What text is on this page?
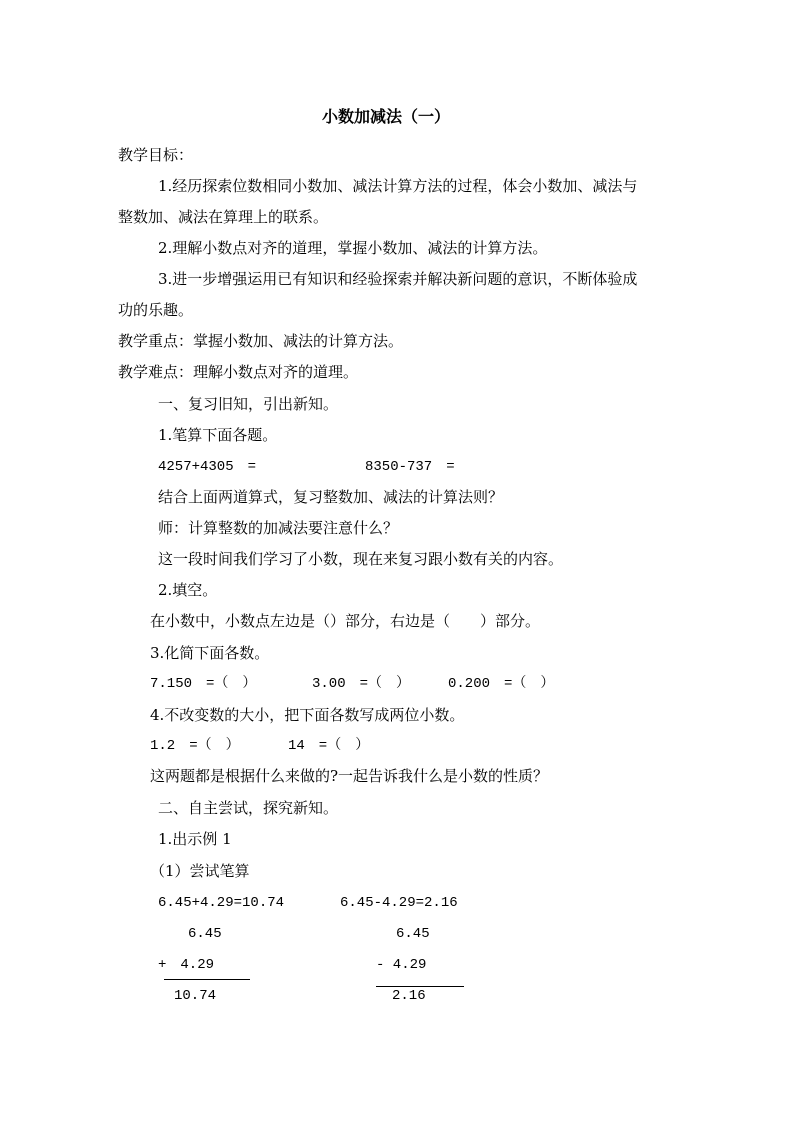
小数加减法（一）
教学目标：
1.经历探索位数相同小数加、减法计算方法的过程，体会小数加、减法与
整数加、减法在算理上的联系。
2.理解小数点对齐的道理，掌握小数加、减法的计算方法。
3.进一步增强运用已有知识和经验探索并解决新问题的意识，不断体验成
功的乐趣。
教学重点：掌握小数加、减法的计算方法。
教学难点：理解小数点对齐的道理。
一、复习旧知，引出新知。
1.笔算下面各题。
4257+4305　=	8350-737　=
结合上面两道算式，复习整数加、减法的计算法则？
师：计算整数的加减法要注意什么？
这一段时间我们学习了小数，现在来复习跟小数有关的内容。
2.填空。
在小数中，小数点左边是（）部分，右边是（　　）部分。
3.化简下面各数。
7.150　=（　）	3.00　=（　）	0.200　=（　）
4.不改变数的大小，把下面各数写成两位小数。
1.2　=（　）	14　=（　）
这两题都是根据什么来做的?一起告诉我什么是小数的性质？
二、自主尝试，探究新知。
1.出示例 1
（1）尝试笔算
6.45+4.29=10.74	6.45-4.29=2.16
6.45	6.45
+　4.29	- 4.29
10.74	2.16
